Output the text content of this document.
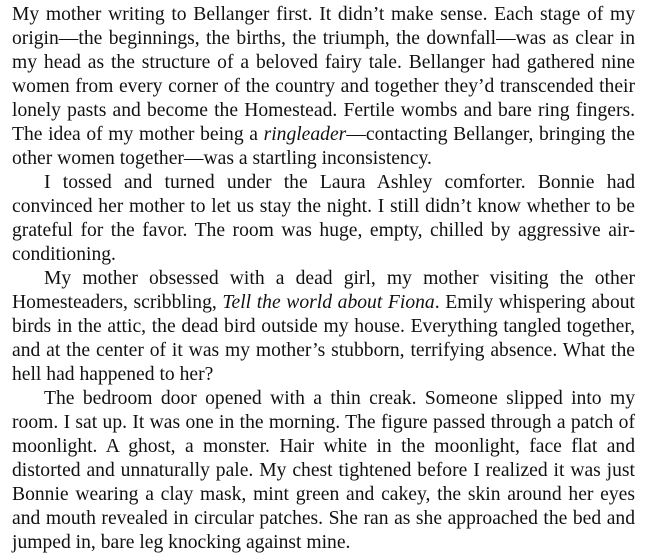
My mother writing to Bellanger first. It didn’t make sense. Each stage of my origin—the beginnings, the births, the triumph, the downfall—was as clear in my head as the structure of a beloved fairy tale. Bellanger had gathered nine women from every corner of the country and together they’d transcended their lonely pasts and become the Homestead. Fertile wombs and bare ring fingers. The idea of my mother being a ringleader—contacting Bellanger, bringing the other women together—was a startling inconsistency.

I tossed and turned under the Laura Ashley comforter. Bonnie had convinced her mother to let us stay the night. I still didn’t know whether to be grateful for the favor. The room was huge, empty, chilled by aggressive air-conditioning.

My mother obsessed with a dead girl, my mother visiting the other Homesteaders, scribbling, Tell the world about Fiona. Emily whispering about birds in the attic, the dead bird outside my house. Everything tangled together, and at the center of it was my mother’s stubborn, terrifying absence. What the hell had happened to her?

The bedroom door opened with a thin creak. Someone slipped into my room. I sat up. It was one in the morning. The figure passed through a patch of moonlight. A ghost, a monster. Hair white in the moonlight, face flat and distorted and unnaturally pale. My chest tightened before I realized it was just Bonnie wearing a clay mask, mint green and cakey, the skin around her eyes and mouth revealed in circular patches. She ran as she approached the bed and jumped in, bare leg knocking against mine.
